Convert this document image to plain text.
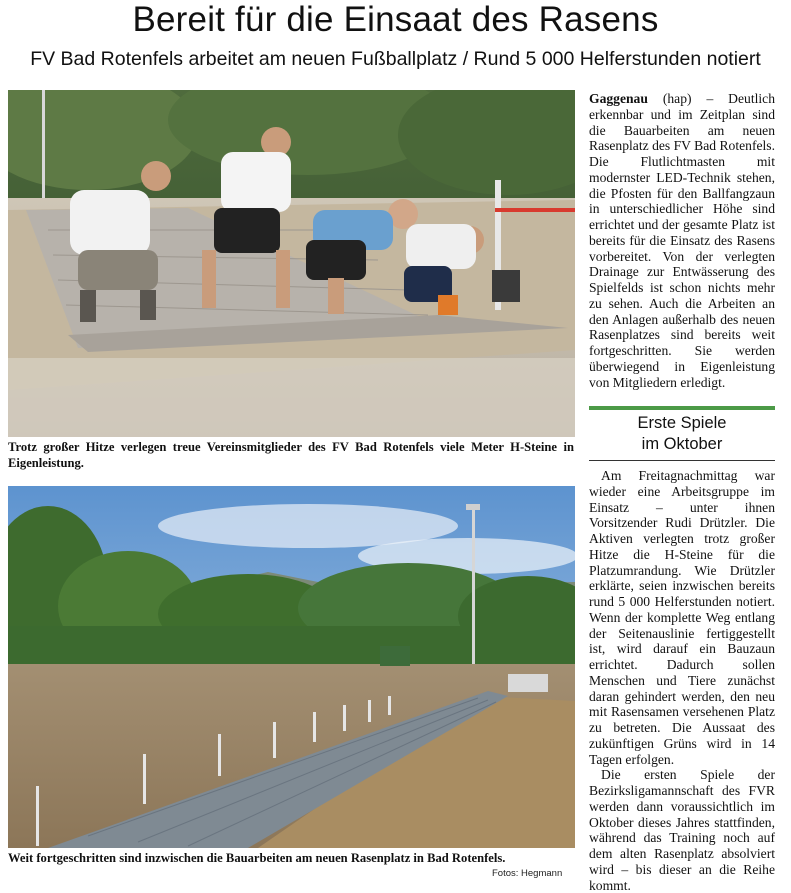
Bereit für die Einsaat des Rasens
FV Bad Rotenfels arbeitet am neuen Fußballplatz / Rund 5 000 Helferstunden notiert
Trotz großer Hitze verlegen treue Vereinsmitglieder des FV Bad Rotenfels viele Meter H-Steine in Eigenleistung.
Weit fortgeschritten sind inzwischen die Bauarbeiten am neuen Rasenplatz in Bad Rotenfels.
Fotos: Hegmann
Gaggenau (hap) – Deutlich erkennbar und im Zeitplan sind die Bauarbeiten am neuen Rasenplatz des FV Bad Rotenfels. Die Flutlichtmasten mit modernster LED-Technik stehen, die Pfosten für den Ballfangzaun in unterschiedlicher Höhe sind errichtet und der gesamte Platz ist bereits für die Einsatz des Rasens vorbereitet. Von der verlegten Drainage zur Entwässerung des Spielfelds ist schon nichts mehr zu sehen. Auch die Arbeiten an den Anlagen außerhalb des neuen Rasenplatzes sind bereits weit fortgeschritten. Sie werden überwiegend in Eigenleistung von Mitgliedern erledigt.
Erste Spiele
im Oktober
Am Freitagnachmittag war wieder eine Arbeitsgruppe im Einsatz – unter ihnen Vorsitzender Rudi Drützler. Die Aktiven verlegten trotz großer Hitze die H-Steine für die Platzumrandung. Wie Drützler erklärte, seien inzwischen bereits rund 5 000 Helferstunden notiert. Wenn der komplette Weg entlang der Seitenauslinie fertiggestellt ist, wird darauf ein Bauzaun errichtet. Dadurch sollen Menschen und Tiere zunächst daran gehindert werden, den neu mit Rasensamen versehenen Platz zu betreten. Die Aussaat des zukünftigen Grüns wird in 14 Tagen erfolgen.
Die ersten Spiele der Bezirksligamannschaft des FVR werden dann voraussichtlich im Oktober dieses Jahres stattfinden, während das Training noch auf dem alten Rasenplatz absolviert wird – bis dieser an die Reihe kommt.
